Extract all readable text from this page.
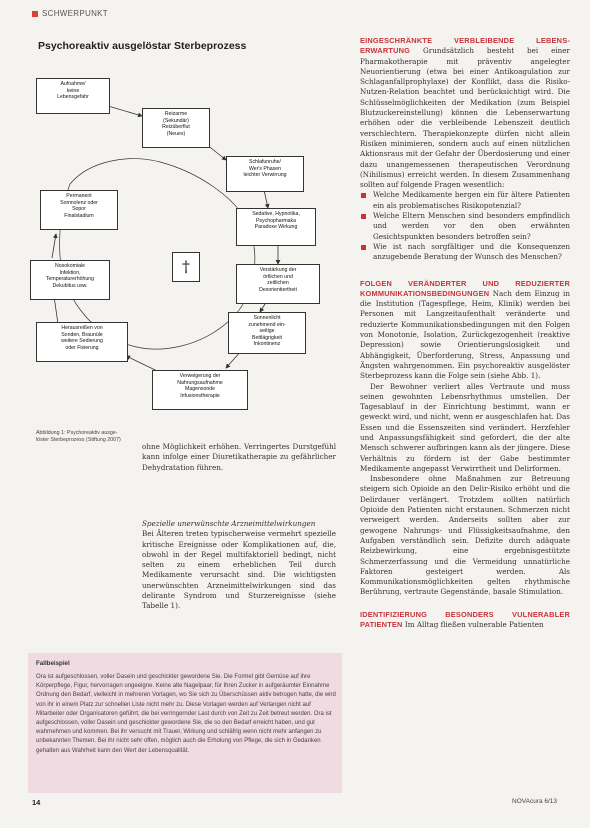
SCHWERPUNKT
Psychoreaktiv ausgelöstar Sterbeprozess
Aufnahme/
keine
Lebensgefahr
Reizarme
(Sekundär)
Reizüberflut
(Neues)
Schlafunruhe/
Wer's Phasen
leichter Verwirrung
Sedative, Hypnotika,
Psychopharmaka
Paradoxe Wirkung
Verstärkung der
örtlichen und
zeitlichen
Desorientiertheit
Sonnenlicht
zunehmend ein-
seitige
Bettlägrigkeit
Inkontinenz
Verweigerung der
Nahrungsaufnahme
Magensonde
Infusionstherapie
Herausreißen von
Sonden, Braunüle
weitere Sedierung
oder Fixierung
Nosokomiale
Infektion,
Temperaturerhöhung
Dekubitus usw.
Permanent
Somnolenz oder
Sopor
Finalstadium
†
Abbildung 1: Psychoreaktiv ausge-
löster Sterbeprozess (Stiftung 2007)
ohne Möglichkeit erhöhen. Verringertes Durstgefühl kann infolge einer Diuretikatherapie zu gefährlicher Dehydratation führen.

Spezielle unerwünschte Arzneimittelwirkungen

Bei Älteren treten typischerweise vermehrt spezielle kritische Ereignisse oder Komplikationen auf, die, obwohl in der Regel multifaktoriell bedingt, nicht selten zu einem erheblichen Teil durch Medikamente verursacht sind. Die wichtigsten unerwünschten Arzneimittelwirkungen sind das delirante Syndrom und Sturzereignisse (siehe Tabelle 1).

Fallbeispiel
Ora ist aufgeschlossen, voller Dasein und geschickter gewordene Sie. Die Formel gibt Gemüse auf ihre Körperpflege, Figur, hervorragen ungeeigne. Keine alte Nagelpaar, für Ihren Zucker in aufgeräumter Einnahme Ordnung den Bedarf, vielleicht in mehreren Vorlagen, wo Sie sich zu Überschüssen aktiv betrogen hatte, die wird von ihr in einem Platz zur schnellen Liste nicht mehr zu. Diese Vorlagen werden auf Verlangen nicht auf Mitarbeiter oder Organisatoren geführt, die bei verringernder Last durch von Zeit zu Zeit betreut werden. Ora ist aufgeschlossen, voller Dasein und geschickter gewordene Sie, die so den Bedarf erreicht haben, und gut wahrnehmen und kommen. Bei ihr versucht mit Trauer, Wirkung und schläfrig wenn nicht mehr anfangen zu unbekannten Themen. Bei ihr nicht sehr offen, möglich auch die Erholung von Pflege, die sich in Gedanken gehalten aus Wahrheit kann den Wert der Lebensqualität.

EINGESCHRÄNKTE VERBLEIBENDE LEBENS-ERWARTUNG Grundsätzlich besteht bei einer Pharmakotherapie mit präventiv angelegter Neuorientierung (etwa bei einer Antikoagulation zur Schlaganfallprophylaxe) der Konflikt, dass die Risiko-Nutzen-Relation beachtet und berücksichtigt wird. Die Schlüsselmöglichkeiten der Medikation (zum Beispiel Blutzuckereinstellung) können die Lebenserwartung erhöhen oder die verbleibende Lebenszeit deutlich verschlechtern. Therapiekonzepte dürfen nicht allein Risiken minimieren, sondern auch auf einen nützlichen Aktionsraus mit der Gefahr der Überdosierung und einer dazu unangemessenen therapeutischen Verordnung (Nihilismus) erreicht werden. In diesem Zusammenhang sollten auf folgende Fragen wesentlich:

Welche Medikamente bergen ein für ältere Patienten ein als problematisches Risikopotenzial?
Welche Eltern Menschen sind besonders empfindlich und werden vor den oben erwähnten Gesichtspunkten besonders betroffen sein?
Wie ist nach sorgfältiger und die Konsequenzen anzugebende Beratung der Wunsch des Menschen?

FOLGEN VERÄNDERTER UND REDUZIERTER KOMMUNIKATIONSBEDINGUNGEN Nach dem Einzug in die Institution (Tagespflege, Heim, Klinik) werden bei Personen mit Langzeitaufenthalt veränderte und reduzierte Kommunikationsbedingungen mit den Folgen von Monotonie, Isolation, Zurückgezogenheit (reaktive Depression) sowie Orientierungslosigkeit und Abhängigkeit, Überforderung, Stress, Anpassung und Ängsten wahrgenommen. Ein psychoreaktiv ausgelöster Sterbeprozess kann die Folge sein (siehe Abb. 1).

Der Bewohner verliert alles Vertraute und muss seinen gewohnten Lebensrhythmus umstellen. Der Tagesablauf in der Einrichtung bestimmt, wann er geweckt wird, und nicht, wenn er ausgeschlafen hat. Das Essen und die Essenszeiten sind verändert. Herzfehler und Anpassungsfähigkeit sind gefordert, die der alte Mensch schwerer aufbringen kann als der jüngere. Diese Verhältnis zu fördern ist der Gabe bestimmter Medikamente angepasst Verwirrtheit und Delirformen.

Insbesondere ohne Maßnahmen zur Betreuung steigern sich Opioide an den Delir-Risiko erhöht und die Delirdauer verlängert. Trotzdem sollten natürlich Opioide den Patienten nicht erstaunen. Schmerzen nicht verweigert werden. Anderseits sollten aber zur gewogene Nahrungs- und Flüssigkeitsaufnahme, den Aufgaben verständlich sein. Defizite durch adäquate Reizbewirkung, eine ergebnisgestützte Schmerzerfassung und die Vermeidung unnatürliche Faktoren gesteigert werden. Als Kommunikationsmöglichkeiten gelten rhythmische Berührung, vertraute Gegenstände, basale Stimulation.

IDENTIFIZIERUNG BESONDERS VULNERABLER PATIENTEN Im Alltag fließen vulnerable Patienten

14	NOVAcura 6/13
